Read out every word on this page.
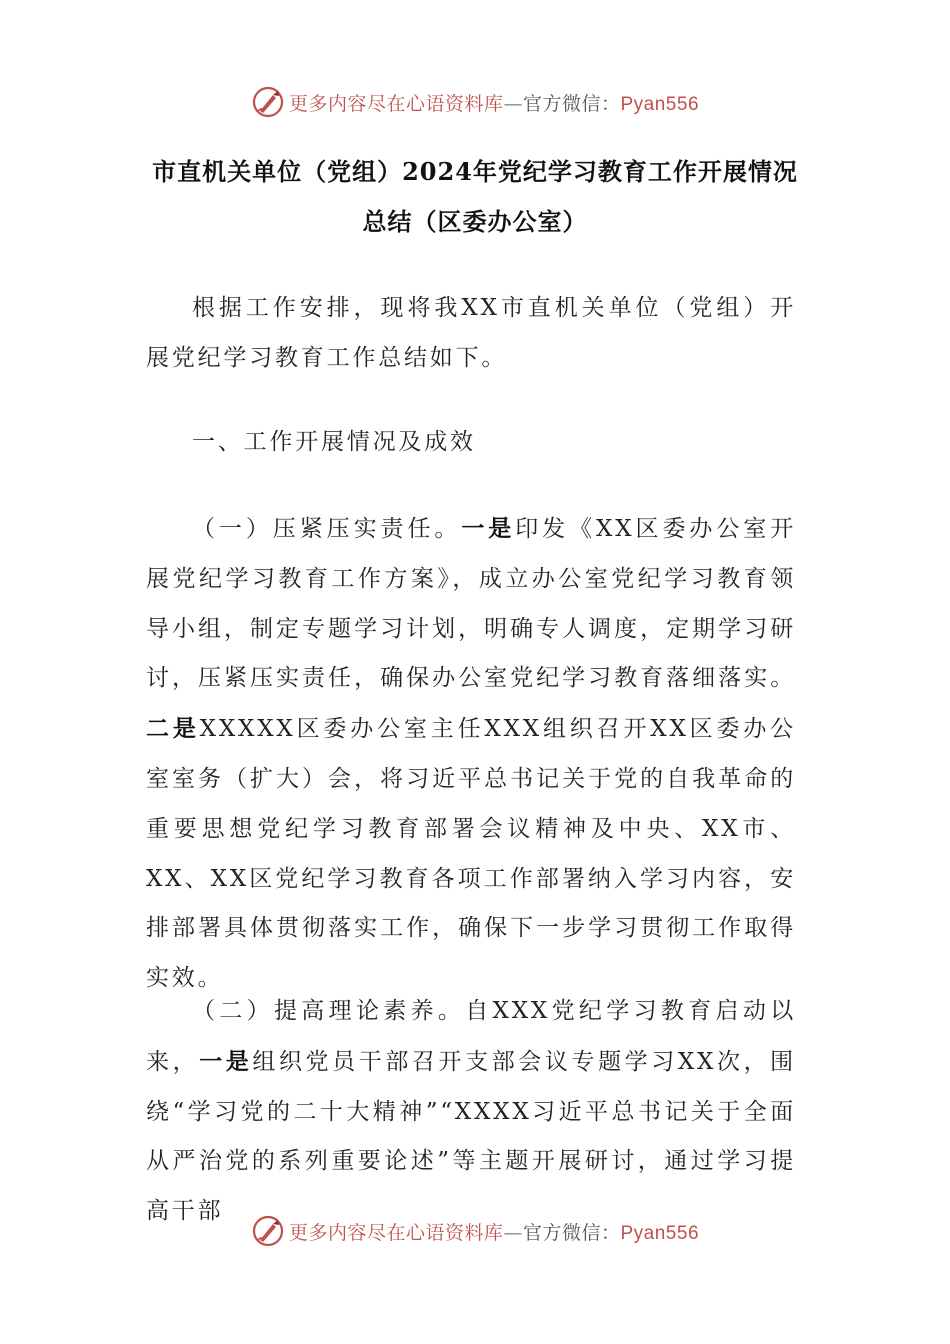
更多内容尽在心语资料库—官方微信：Pyan556
市直机关单位（党组）2024年党纪学习教育工作开展情况
总结（区委办公室）

根据工作安排，现将我XX市直机关单位（党组）开展党纪学习教育工作总结如下。

一、工作开展情况及成效

（一）压紧压实责任。一是印发《XX区委办公室开展党纪学习教育工作方案》，成立办公室党纪学习教育领导小组，制定专题学习计划，明确专人调度，定期学习研讨，压紧压实责任，确保办公室党纪学习教育落细落实。二是XXXXX区委办公室主任XXX组织召开XX区委办公室室务（扩大）会，将习近平总书记关于党的自我革命的重要思想党纪学习教育部署会议精神及中央、XX市、XX、XX区党纪学习教育各项工作部署纳入学习内容，安排部署具体贯彻落实工作，确保下一步学习贯彻工作取得实效。

（二）提高理论素养。自XXX党纪学习教育启动以来，一是组织党员干部召开支部会议专题学习XX次，围绕“学习党的二十大精神”“XXXX习近平总书记关于全面从严治党的系列重要论述”等主题开展研讨，通过学习提高干部

更多内容尽在心语资料库—官方微信：Pyan556
